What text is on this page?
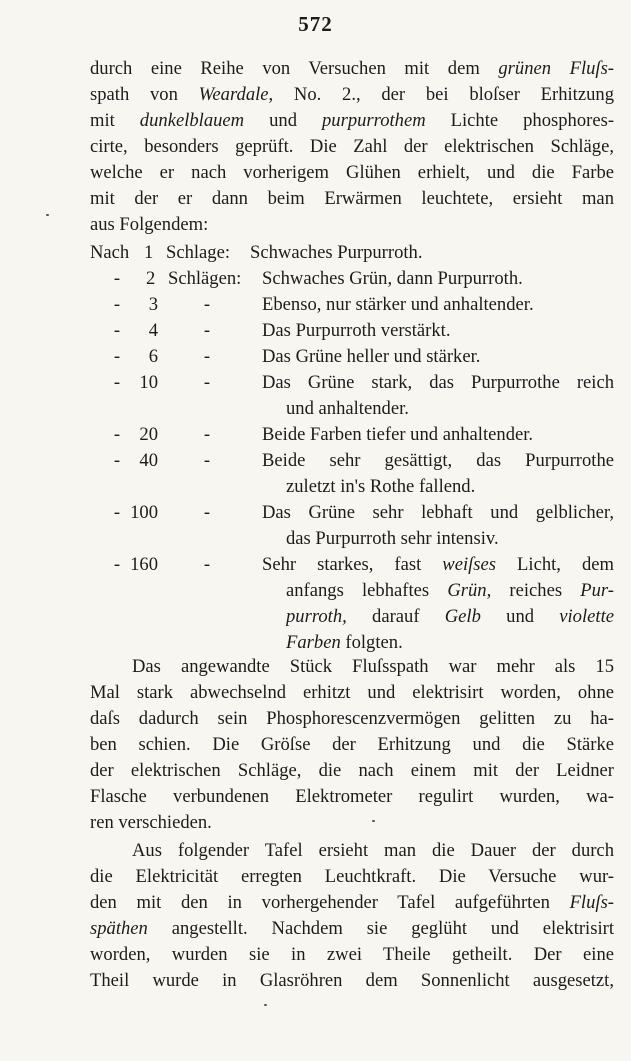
572
durch eine Reihe von Versuchen mit dem grünen Fluſs-
spath von Weardale, No. 2., der bei bloſser Erhitzung
mit dunkelblauem und purpurrothem Lichte phosphores-
cirte, besonders geprüft. Die Zahl der elektrischen Schläge,
welche er nach vorherigem Glühen erhielt, und die Farbe
mit der er dann beim Erwärmen leuchtete, ersieht man
aus Folgendem:
Nach 1 Schlage: Schwaches Purpurroth.
- 2 Schlägen: Schwaches Grün, dann Purpurroth.
-	3	-	Ebenso, nur stärker und anhaltender.
-	4	-	Das Purpurroth verstärkt.
-	6	-	Das Grüne heller und stärker.
-	10	-	Das Grüne stark, das Purpurrothe reich
und anhaltender.
-	20	-	Beide Farben tiefer und anhaltender.
-	40	-	Beide sehr gesättigt, das Purpurrothe
zuletzt in's Rothe fallend.
- 100	-	Das Grüne sehr lebhaft und gelblicher,
das Purpurroth sehr intensiv.
- 160	-	Sehr starkes, fast weiſses Licht, dem
anfangs lebhaftes Grün, reiches Pur-
purroth, darauf Gelb und violette
Farben folgten.
Das angewandte Stück Fluſsspath war mehr als 15
Mal stark abwechselnd erhitzt und elektrisirt worden, ohne
daſs dadurch sein Phosphorescenzvermögen gelitten zu ha-
ben schien. Die Gröſse der Erhitzung und die Stärke
der elektrischen Schläge, die nach einem mit der Leidner
Flasche verbundenen Elektrometer regulirt wurden, wa-
ren verschieden.
Aus folgender Tafel ersieht man die Dauer der durch
die Elektricität erregten Leuchtkraft. Die Versuche wur-
den mit den in vorhergehender Tafel aufgeführten Fluſs-
späthen angestellt. Nachdem sie geglüht und elektrisirt
worden, wurden sie in zwei Theile getheilt. Der eine
Theil wurde in Glasröhren dem Sonnenlicht ausgesetzt,
